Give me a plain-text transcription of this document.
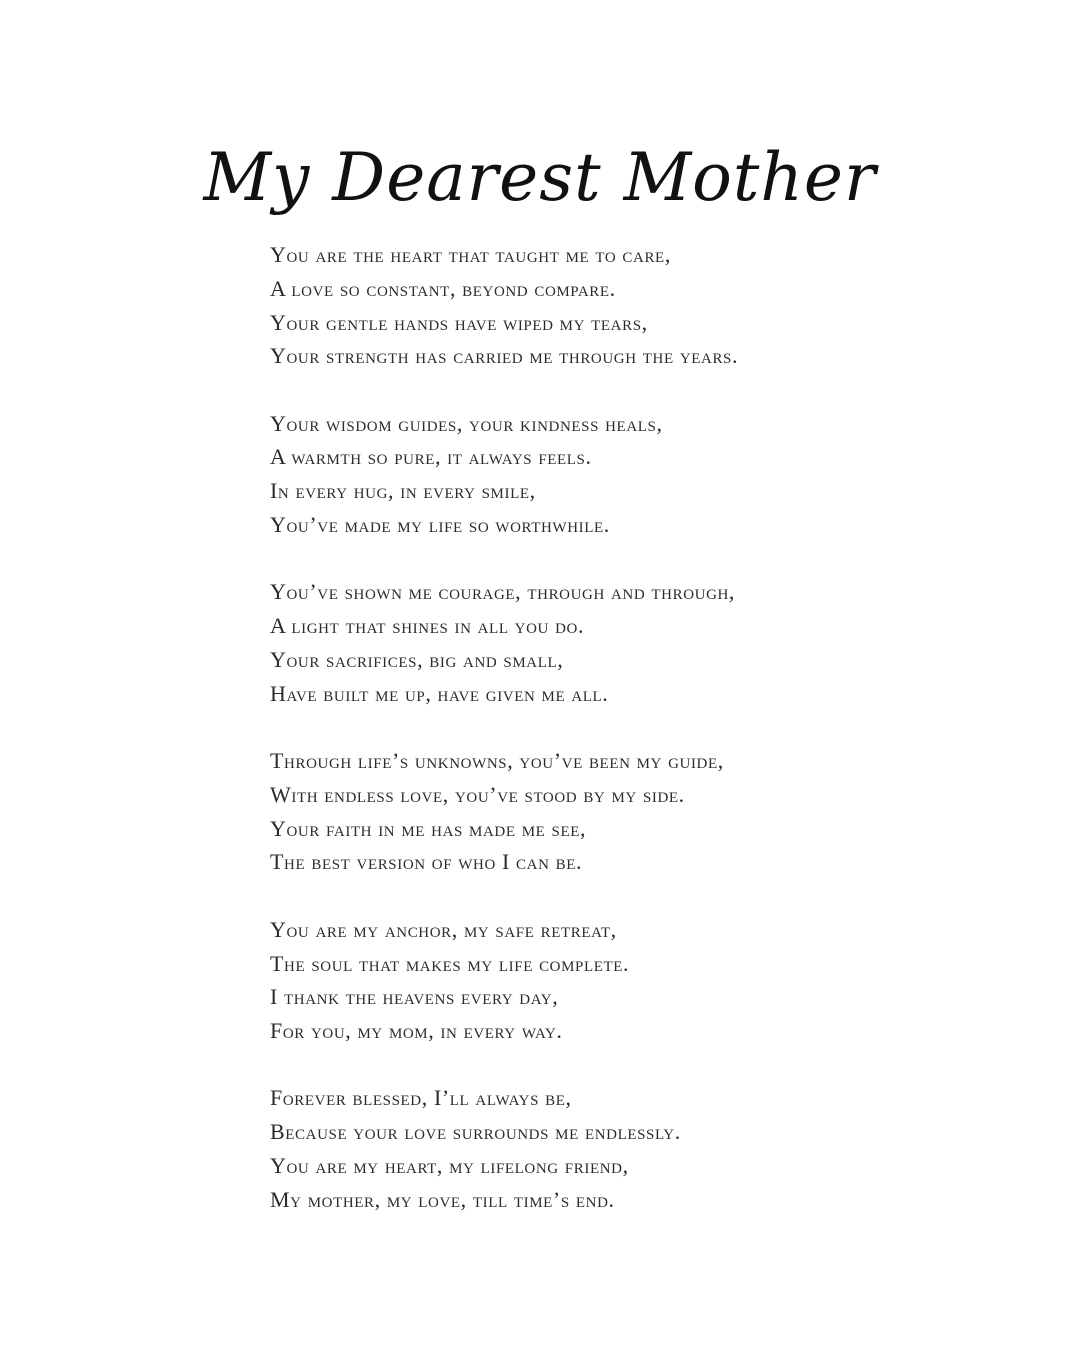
My Dearest Mother
You are the heart that taught me to care,
A love so constant, beyond compare.
Your gentle hands have wiped my tears,
Your strength has carried me through the years.
Your wisdom guides, your kindness heals,
A warmth so pure, it always feels.
In every hug, in every smile,
You’ve made my life so worthwhile.
You’ve shown me courage, through and through,
A light that shines in all you do.
Your sacrifices, big and small,
Have built me up, have given me all.
Through life’s unknowns, you’ve been my guide,
With endless love, you’ve stood by my side.
Your faith in me has made me see,
The best version of who I can be.
You are my anchor, my safe retreat,
The soul that makes my life complete.
I thank the heavens every day,
For you, my mom, in every way.
Forever blessed, I’ll always be,
Because your love surrounds me endlessly.
You are my heart, my lifelong friend,
My mother, my love, till time’s end.
